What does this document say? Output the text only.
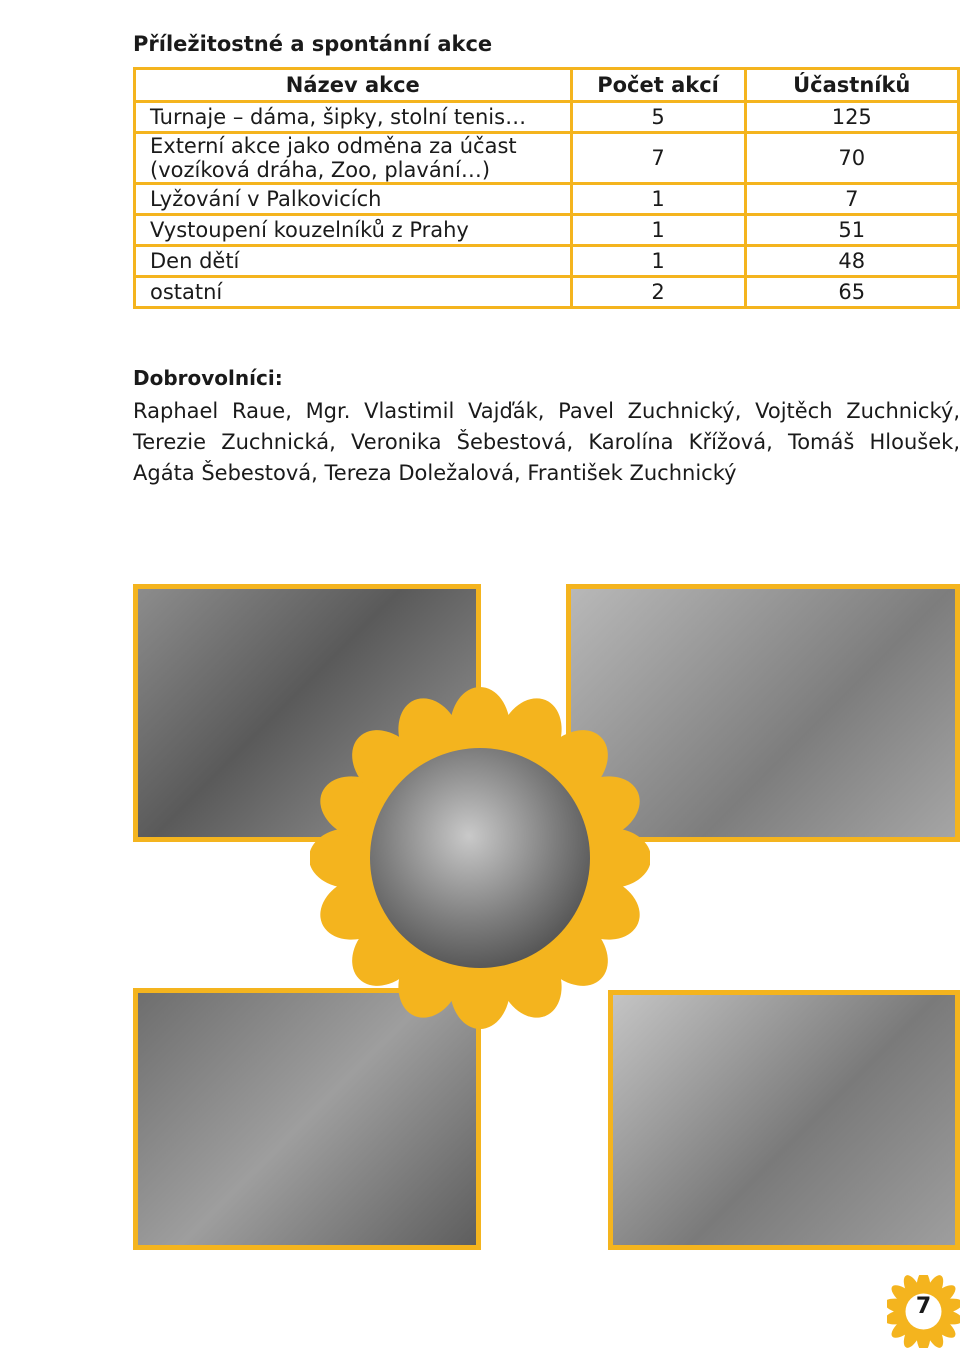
Příležitostné a spontánní akce
Název akce	Počet akcí	Účastníků
Turnaje – dáma, šipky, stolní tenis…	5	125

Externí akce jako odměna za účast
(vozíková dráha, Zoo, plavání…)	7	70
Lyžování v Palkovicích	1	7
Vystoupení kouzelníků z Prahy	1	51
Den dětí	1	48
ostatní	2	65
Dobrovolníci:
Raphael Raue, Mgr. Vlastimil Vajďák, Pavel Zuchnický, Vojtěch Zuchnický, Terezie Zuchnická, Veronika Šebestová, Karolína Křížová, Tomáš Hloušek, Agáta Šebestová, Tereza Doležalová, František Zuchnický
7
